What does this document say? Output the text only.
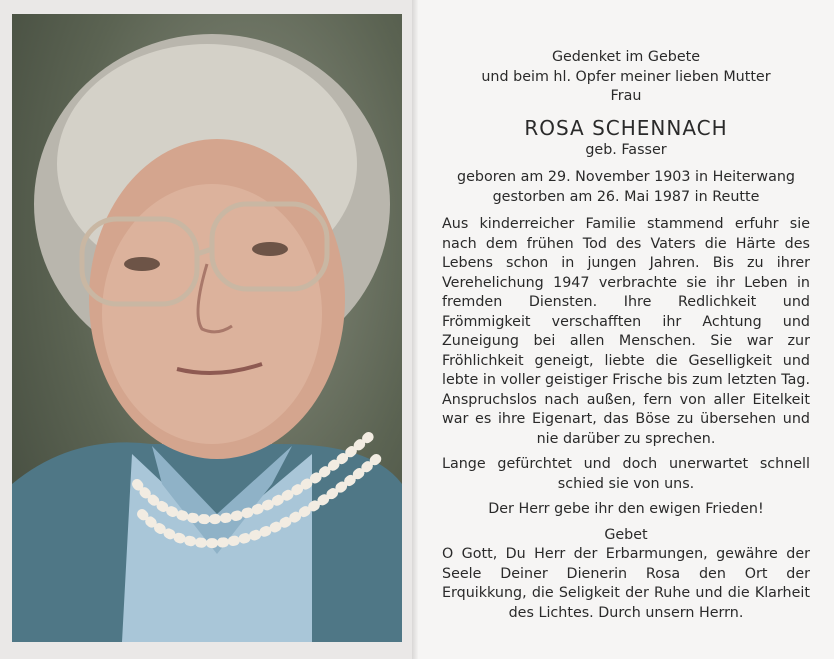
Gedenket im Gebete
und beim hl. Opfer meiner lieben Mutter
Frau
ROSA SCHENNACH
geb. Fasser
geboren am 29. November 1903 in Heiterwang
gestorben am 26. Mai 1987 in Reutte
Aus kinderreicher Familie stammend erfuhr sie nach dem frühen Tod des Vaters die Härte des Lebens schon in jungen Jahren. Bis zu ihrer Verehelichung 1947 verbrachte sie ihr Leben in fremden Diensten. Ihre Redlichkeit und Frömmigkeit verschafften ihr Achtung und Zuneigung bei allen Menschen. Sie war zur Fröhlichkeit geneigt, liebte die Geselligkeit und lebte in voller geistiger Frische bis zum letzten Tag. Anspruchslos nach außen, fern von aller Eitelkeit war es ihre Eigenart, das Böse zu übersehen und nie darüber zu sprechen.
Lange gefürchtet und doch unerwartet schnell schied sie von uns.
Der Herr gebe ihr den ewigen Frieden!
Gebet
O Gott, Du Herr der Erbarmungen, gewähre der Seele Deiner Dienerin Rosa den Ort der Erquikkung, die Seligkeit der Ruhe und die Klarheit des Lichtes. Durch unsern Herrn.
